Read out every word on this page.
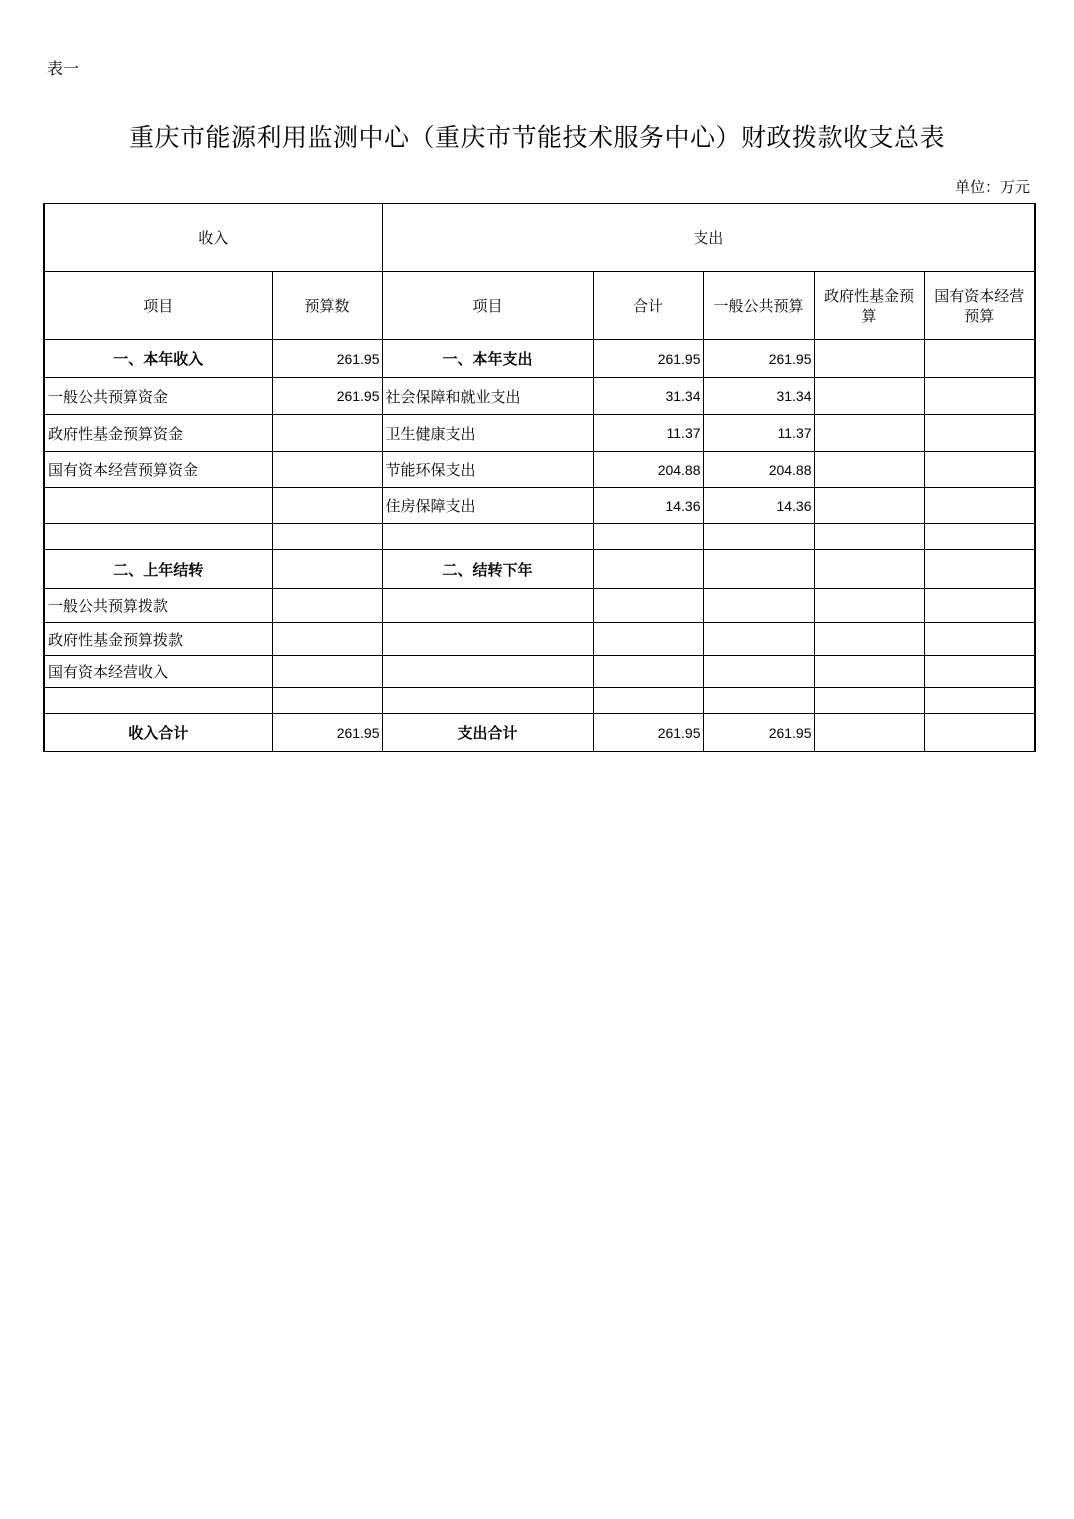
表一
重庆市能源利用监测中心（重庆市节能技术服务中心）财政拨款收支总表
单位：万元
收入		支出				
项目	预算数	项目	合计	一般公共预算	政府性基金预算	国有资本经营预算
一、本年收入	261.95	一、本年支出	261.95	261.95		
一般公共预算资金	261.95	社会保障和就业支出	31.34	31.34		
政府性基金预算资金		卫生健康支出	11.37	11.37		
国有资本经营预算资金		节能环保支出	204.88	204.88		
		住房保障支出	14.36	14.36		

二、上年结转		二、结转下年				
一般公共预算拨款						
政府性基金预算拨款						
国有资本经营收入						

收入合计	261.95	支出合计	261.95	261.95		
